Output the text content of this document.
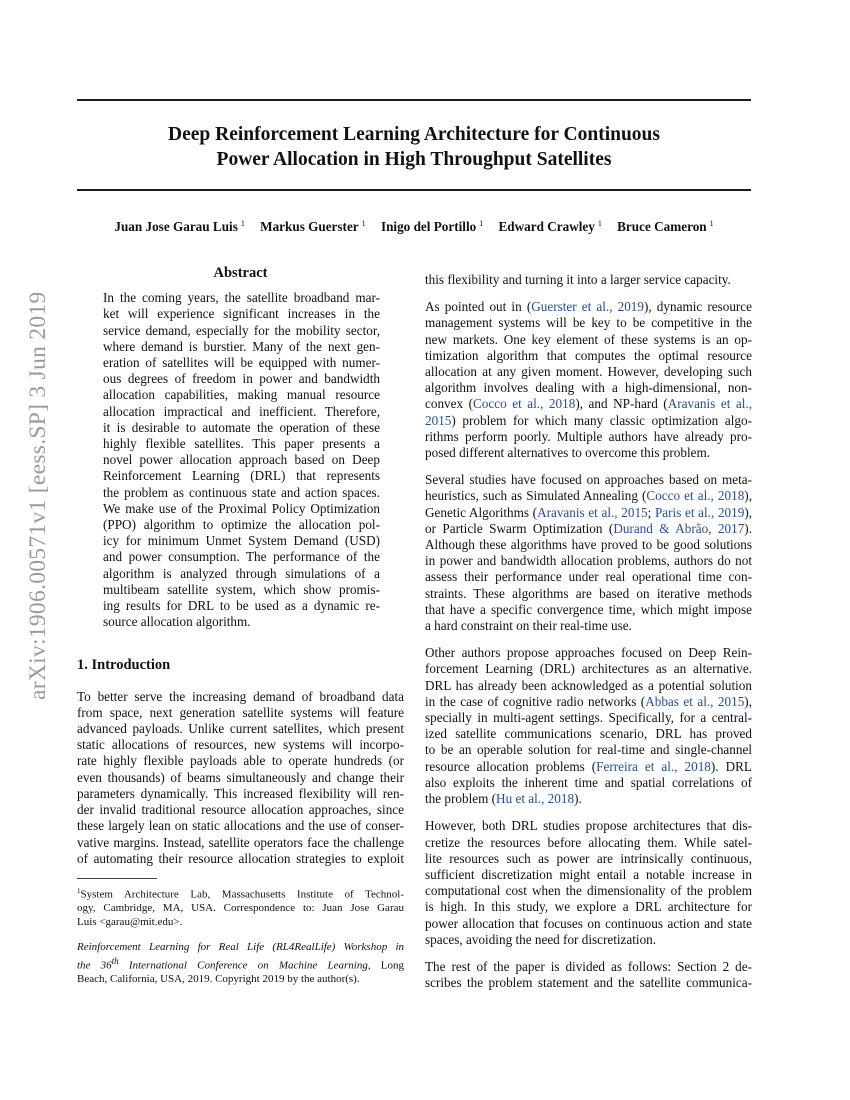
Deep Reinforcement Learning Architecture for Continuous
Power Allocation in High Throughput Satellites
Juan Jose Garau Luis $^1$ Markus Guerster $^1$ Inigo del Portillo $^1$ Edward Crawley $^1$ Bruce Cameron $^1$
arXiv:1906.00571v1 [eess.SP] 3 Jun 2019
Abstract
In the coming years, the satellite broadband mar-
ket will experience significant increases in the
service demand, especially for the mobility sector,
where demand is burstier. Many of the next gen-
eration of satellites will be equipped with numer-
ous degrees of freedom in power and bandwidth
allocation capabilities, making manual resource
allocation impractical and inefficient. Therefore,
it is desirable to automate the operation of these
highly flexible satellites. This paper presents a
novel power allocation approach based on Deep
Reinforcement Learning (DRL) that represents
the problem as continuous state and action spaces.
We make use of the Proximal Policy Optimization
(PPO) algorithm to optimize the allocation pol-
icy for minimum Unmet System Demand (USD)
and power consumption. The performance of the
algorithm is analyzed through simulations of a
multibeam satellite system, which show promis-
ing results for DRL to be used as a dynamic re-
source allocation algorithm.
1. Introduction
To better serve the increasing demand of broadband data
from space, next generation satellite systems will feature
advanced payloads. Unlike current satellites, which present
static allocations of resources, new systems will incorpo-
rate highly flexible payloads able to operate hundreds (or
even thousands) of beams simultaneously and change their
parameters dynamically. This increased flexibility will ren-
der invalid traditional resource allocation approaches, since
these largely lean on static allocations and the use of conser-
vative margins. Instead, satellite operators face the challenge
of automating their resource allocation strategies to exploit
$^1$System Architecture Lab, Massachusetts Institute of Technol-
ogy, Cambridge, MA, USA. Correspondence to: Juan Jose Garau
Luis <garau@mit.edu>.
Reinforcement Learning for Real Life (RL4RealLife) Workshop in
the 36th International Conference on Machine Learning, Long
Beach, California, USA, 2019. Copyright 2019 by the author(s).
this flexibility and turning it into a larger service capacity.
As pointed out in (Guerster et al., 2019), dynamic resource
management systems will be key to be competitive in the
new markets. One key element of these systems is an op-
timization algorithm that computes the optimal resource
allocation at any given moment. However, developing such
algorithm involves dealing with a high-dimensional, non-
convex (Cocco et al., 2018), and NP-hard (Aravanis et al.,
2015) problem for which many classic optimization algo-
rithms perform poorly. Multiple authors have already pro-
posed different alternatives to overcome this problem.
Several studies have focused on approaches based on meta-
heuristics, such as Simulated Annealing (Cocco et al., 2018),
Genetic Algorithms (Aravanis et al., 2015; Paris et al., 2019),
or Particle Swarm Optimization (Durand & Abrão, 2017).
Although these algorithms have proved to be good solutions
in power and bandwidth allocation problems, authors do not
assess their performance under real operational time con-
straints. These algorithms are based on iterative methods
that have a specific convergence time, which might impose
a hard constraint on their real-time use.
Other authors propose approaches focused on Deep Rein-
forcement Learning (DRL) architectures as an alternative.
DRL has already been acknowledged as a potential solution
in the case of cognitive radio networks (Abbas et al., 2015),
specially in multi-agent settings. Specifically, for a central-
ized satellite communications scenario, DRL has proved
to be an operable solution for real-time and single-channel
resource allocation problems (Ferreira et al., 2018). DRL
also exploits the inherent time and spatial correlations of
the problem (Hu et al., 2018).
However, both DRL studies propose architectures that dis-
cretize the resources before allocating them. While satel-
lite resources such as power are intrinsically continuous,
sufficient discretization might entail a notable increase in
computational cost when the dimensionality of the problem
is high. In this study, we explore a DRL architecture for
power allocation that focuses on continuous action and state
spaces, avoiding the need for discretization.
The rest of the paper is divided as follows: Section 2 de-
scribes the problem statement and the satellite communica-
